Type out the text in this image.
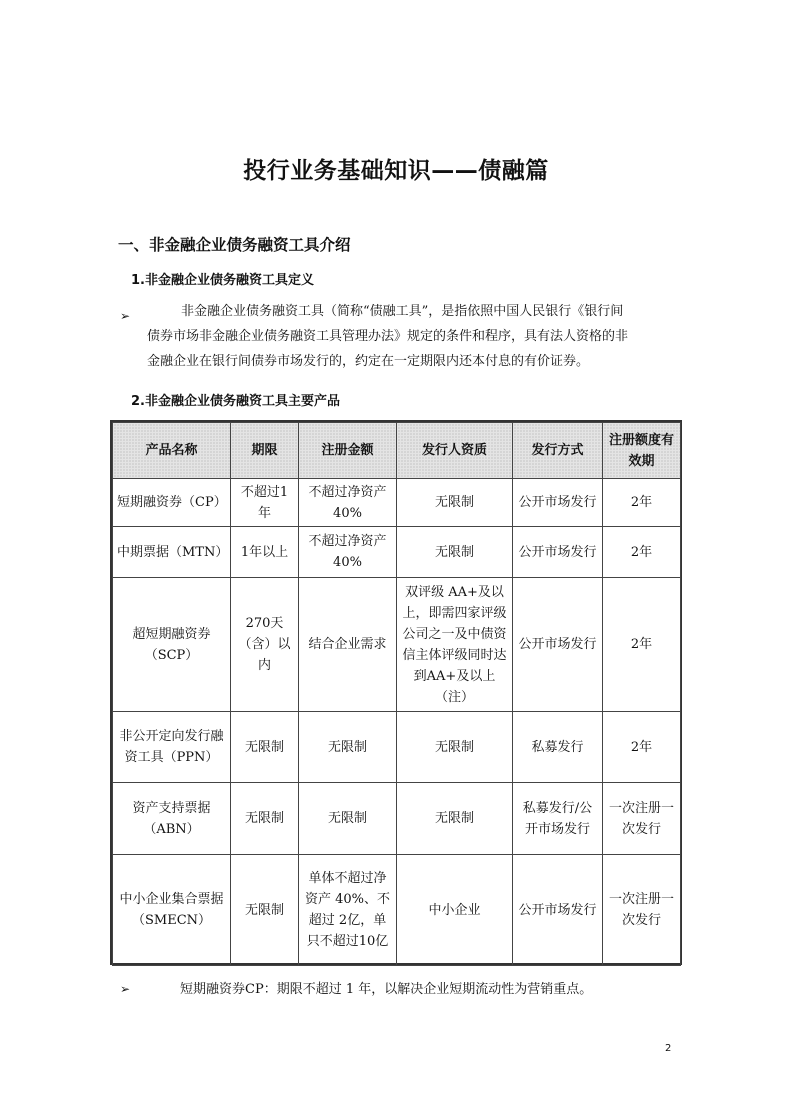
投行业务基础知识——债融篇
一、非金融企业债务融资工具介绍
1.非金融企业债务融资工具定义
➢	非金融企业债务融资工具（简称“债融工具”，是指依照中国人民银行《银行间
债券市场非金融企业债务融资工具管理办法》规定的条件和程序，具有法人资格的非
金融企业在银行间债券市场发行的，约定在一定期限内还本付息的有价证券。
2.非金融企业债务融资工具主要产品
产品名称	期限	注册金额	发行人资质	发行方式	注册额度有效期
短期融资券（CP）	不超过1年	不超过净资产 40%	无限制	公开市场发行	2年
中期票据（MTN）	1年以上	不超过净资产 40%	无限制	公开市场发行	2年
超短期融资券（SCP）	270天（含）以内	结合企业需求	双评级 AA+及以上，即需四家评级公司之一及中债资信主体评级同时达到AA+及以上（注）	公开市场发行	2年
非公开定向发行融资工具（PPN）	无限制	无限制	无限制	私募发行	2年
资产支持票据（ABN）	无限制	无限制	无限制	私募发行/公开市场发行	一次注册一次发行
中小企业集合票据（SMECN）	无限制	单体不超过净资产 40%、不超过 2亿，单只不超过10亿	中小企业	公开市场发行	一次注册一次发行
➢	短期融资券CP：期限不超过 1 年，以解决企业短期流动性为营销重点。
2
